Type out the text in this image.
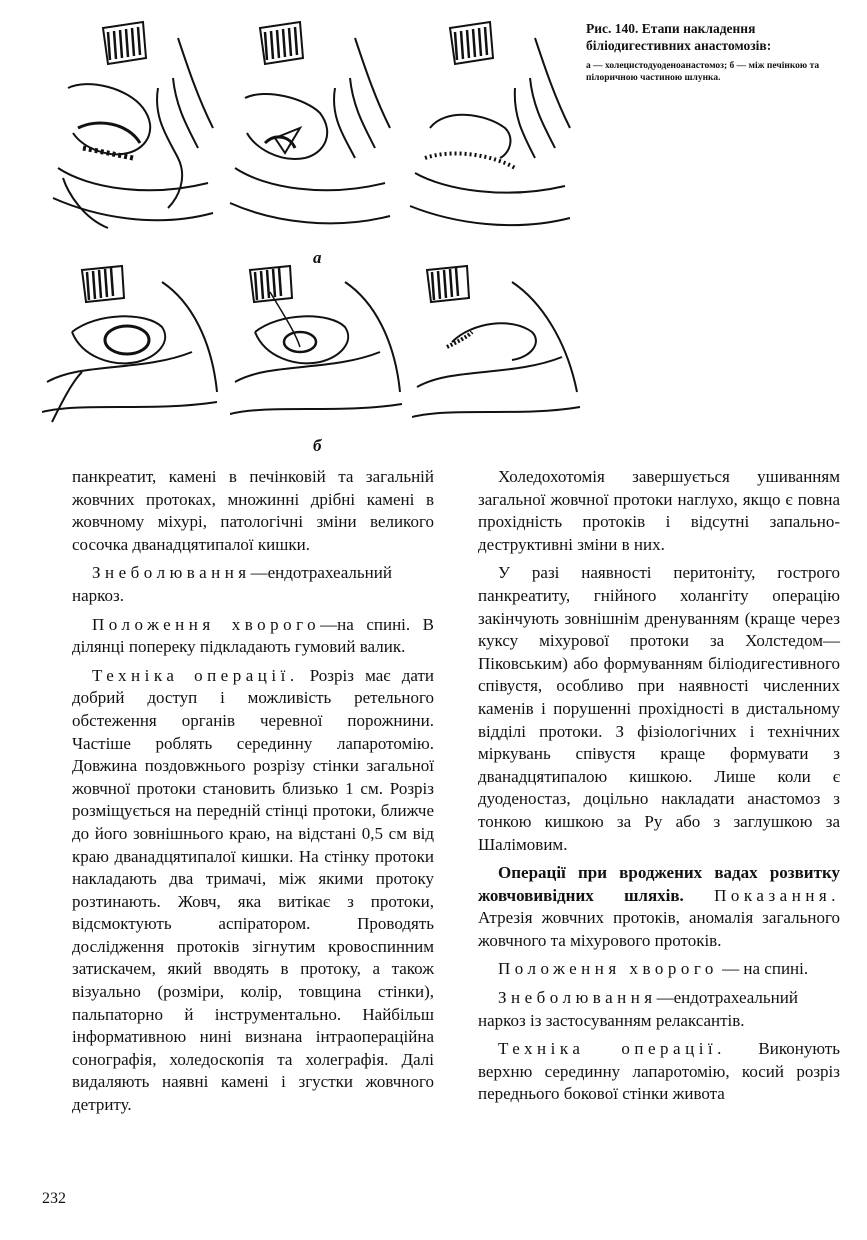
а
б

Рис. 140. Етапи накладення біліодигестивних анастомозів:

а — холецистодуоденоанастомоз; б — між печінкою та пілоричною частиною шлунка.

панкреатит, камені в печінковій та загальній жовчних протоках, множинні дрібні камені в жовчному міхурі, патологічні зміни великого сосочка дванадцятипалої кишки.

Знеболювання—ендотрахеальний наркоз.

Положення хворого—на спині. В ділянці попереку підкладають гумовий валик.

Техніка операції. Розріз має дати добрий доступ і можливість ретельного обстеження органів черевної порожнини. Частіше роблять серединну лапаротомію. Довжина поздовжнього розрізу стінки загальної жовчної протоки становить близько 1 см. Розріз розміщується на передній стінці протоки, ближче до його зовнішнього краю, на відстані 0,5 см від краю дванадцятипалої кишки. На стінку протоки накладають два тримачі, між якими протоку розтинають. Жовч, яка витікає з протоки, відсмоктують аспіратором. Проводять дослідження протоків зігнутим кровоспинним затискачем, який вводять в протоку, а також візуально (розміри, колір, товщина стінки), пальпаторно й інструментально. Найбільш інформативною нині визнана інтраопераційна сонографія, холедоскопія та холеграфія. Далі видаляють наявні камені і згустки жовчного детриту.

Холедохотомія завершується ушиванням загальної жовчної протоки наглухо, якщо є повна прохідність протоків і відсутні запально-деструктивні зміни в них.

У разі наявності перитоніту, гострого панкреатиту, гнійного холангіту операцію закінчують зовнішнім дренуванням (краще через куксу міхурової протоки за Холстедом—Піковським) або формуванням біліодигестивного співустя, особливо при наявності численних каменів і порушенні прохідності в дистальному відділі протоки. З фізіологічних і технічних міркувань співустя краще формувати з дванадцятипалою кишкою. Лише коли є дуоденостаз, доцільно накладати анастомоз з тонкою кишкою за Ру або з заглушкою за Шалімовим.

Операції при вроджених вадах розвитку жовчовивідних шляхів. Показання. Атрезія жовчних протоків, аномалія загального жовчного та міхурового протоків.

Положення хворого — на спині.

Знеболювання—ендотрахеальний наркоз із застосуванням релаксантів.

Техніка операції. Виконують верхню серединну лапаротомію, косий розріз переднього бокової стінки живота

232
